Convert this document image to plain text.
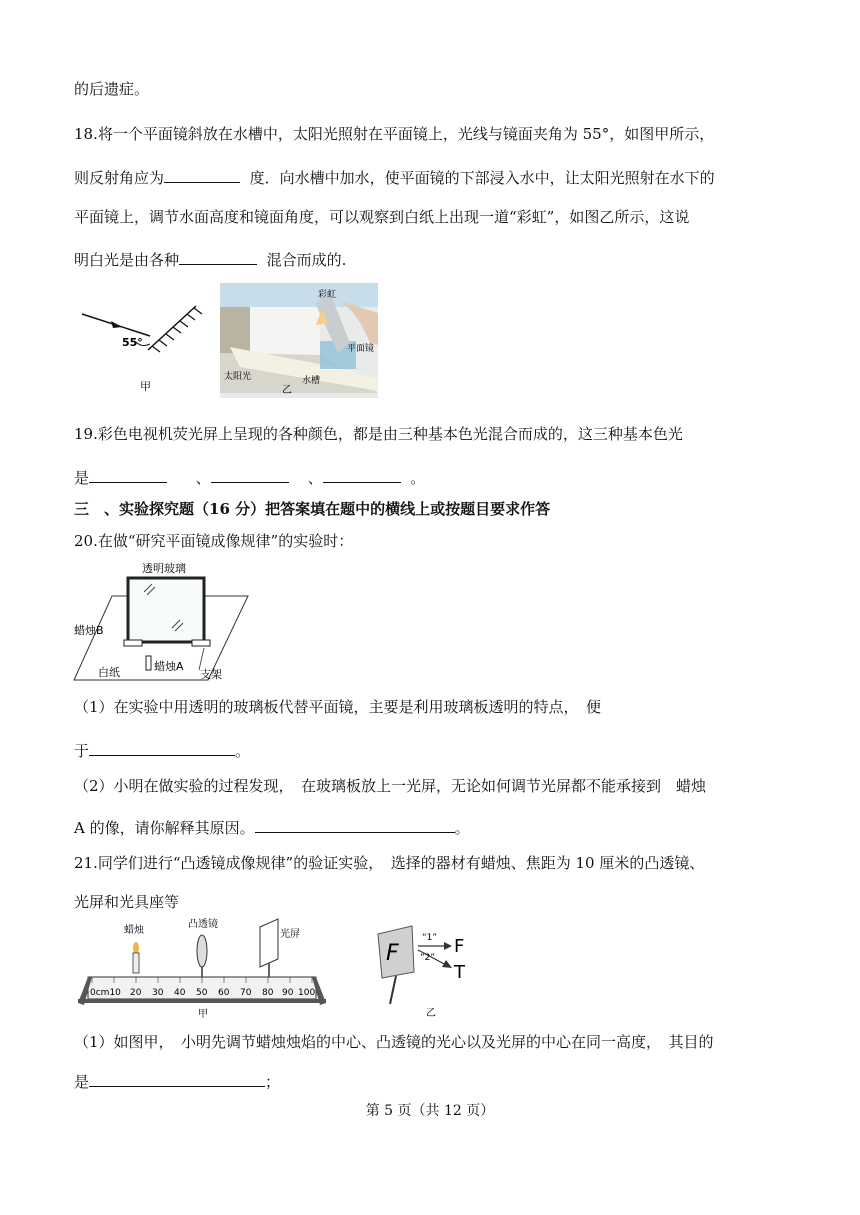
的后遗症。
18.将一个平面镜斜放在水槽中，太阳光照射在平面镜上，光线与镜面夹角为 55°，如图甲所示，
则反射角应为	度．向水槽中加水，使平面镜的下部浸入水中，让太阳光照射在水下的
平面镜上，调节水面高度和镜面角度，可以观察到白纸上出现一道“彩虹”，如图乙所示，这说
明白光是由各种	混合而成的.
55°
甲
彩虹
平面镜
太阳光	水槽
乙
19.彩色电视机荧光屏上呈现的各种颜色，都是由三种基本色光混合而成的，这三种基本色光
是	、	、	。
三　、实验探究题（16 分）把答案填在题中的横线上或按题目要求作答
20.在做“研究平面镜成像规律”的实验时：
透明玻璃
蜡烛B
白纸	蜡烛A
支架
（1）在实验中用透明的玻璃板代替平面镜，主要是利用玻璃板透明的特点，　便
于	。
（2）小明在做实验的过程发现，　在玻璃板放上一光屏，无论如何调节光屏都不能承接到　蜡烛
A 的像，请你解释其原因。	。
21.同学们进行“凸透镜成像规律”的验证实验，　选择的器材有蜡烛、焦距为 10 厘米的凸透镜、
光屏和光具座等
蜡烛
凸透镜
光屏
0cm10 20 30 40 50 60 70 80 90 100
甲
F
“1”
“2”
F
T
乙
（1）如图甲，　小明先调节蜡烛烛焰的中心、凸透镜的光心以及光屏的中心在同一高度，　其目的
是	；
第 5 页（共 12 页）
